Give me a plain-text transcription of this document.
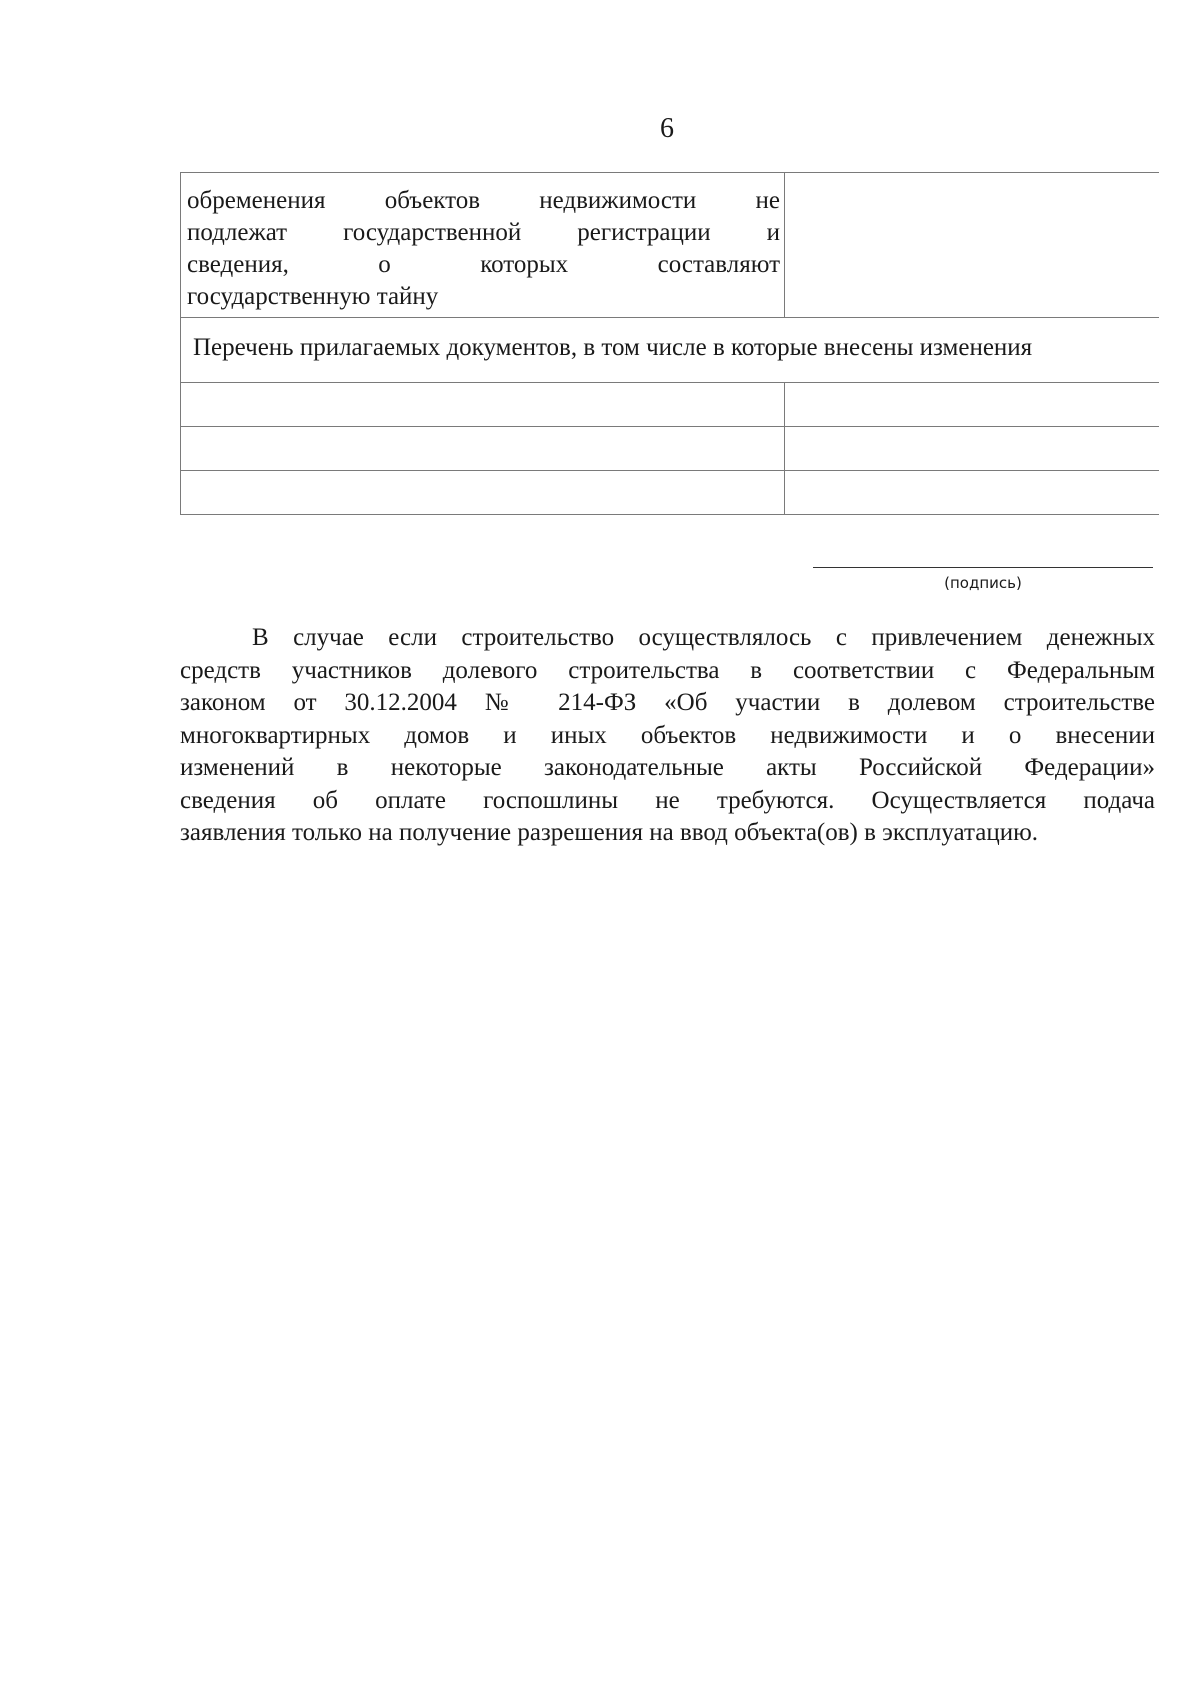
6
обременения объектов недвижимости не
подлежат государственной регистрации и
сведения, о которых составляют
государственную тайну
Перечень прилагаемых документов, в том числе в которые внесены изменения
(подпись)
В случае если строительство осуществлялось с привлечением денежных
средств участников долевого строительства в соответствии с Федеральным
законом от 30.12.2004 № 214-ФЗ «Об участии в долевом строительстве
многоквартирных домов и иных объектов недвижимости и о внесении
изменений в некоторые законодательные акты Российской Федерации»
сведения об оплате госпошлины не требуются. Осуществляется подача
заявления только на получение разрешения на ввод объекта(ов) в эксплуатацию.
